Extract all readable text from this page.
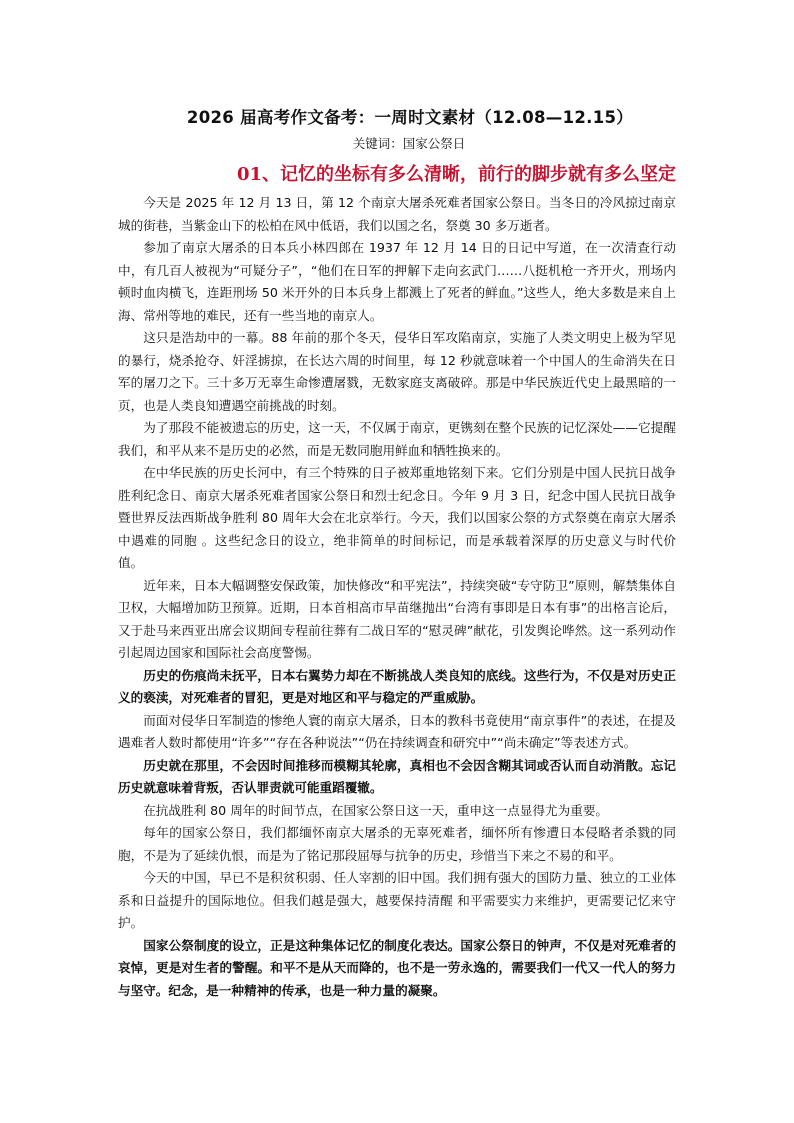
2026 届高考作文备考：一周时文素材（12.08—12.15）
关键词：国家公祭日
01、记忆的坐标有多么清晰，前行的脚步就有多么坚定

今天是 2025 年 12 月 13 日，第 12 个南京大屠杀死难者国家公祭日。当冬日的冷风掠过南京城的街巷，当紫金山下的松柏在风中低语，我们以国之名，祭奠 30 多万逝者。

参加了南京大屠杀的日本兵小林四郎在 1937 年 12 月 14 日的日记中写道，在一次清查行动中，有几百人被视为“可疑分子”，“他们在日军的押解下走向玄武门……八挺机枪一齐开火，刑场内顿时血肉横飞，连距刑场 50 米开外的日本兵身上都溅上了死者的鲜血。”这些人，绝大多数是来自上海、常州等地的难民，还有一些当地的南京人。

这只是浩劫中的一幕。88 年前的那个冬天，侵华日军攻陷南京，实施了人类文明史上极为罕见的暴行，烧杀抢夺、奸淫掳掠，在长达六周的时间里，每 12 秒就意味着一个中国人的生命消失在日军的屠刀之下。三十多万无辜生命惨遭屠戮，无数家庭支离破碎。那是中华民族近代史上最黑暗的一页，也是人类良知遭遇空前挑战的时刻。

为了那段不能被遗忘的历史，这一天，不仅属于南京，更镌刻在整个民族的记忆深处——它提醒我们，和平从来不是历史的必然，而是无数同胞用鲜血和牺牲换来的。

在中华民族的历史长河中，有三个特殊的日子被郑重地铭刻下来。它们分别是中国人民抗日战争胜利纪念日、南京大屠杀死难者国家公祭日和烈士纪念日。今年 9 月 3 日，纪念中国人民抗日战争暨世界反法西斯战争胜利 80 周年大会在北京举行。今天，我们以国家公祭的方式祭奠在南京大屠杀中遇难的同胞 。这些纪念日的设立，绝非简单的时间标记，而是承载着深厚的历史意义与时代价值。

近年来，日本大幅调整安保政策，加快修改“和平宪法”，持续突破“专守防卫”原则，解禁集体自卫权，大幅增加防卫预算。近期，日本首相高市早苗继抛出“台湾有事即是日本有事”的出格言论后，又于赴马来西亚出席会议期间专程前往葬有二战日军的“慰灵碑”献花，引发舆论哗然。这一系列动作引起周边国家和国际社会高度警惕。

历史的伤痕尚未抚平，日本右翼势力却在不断挑战人类良知的底线。这些行为，不仅是对历史正义的亵渎，对死难者的冒犯，更是对地区和平与稳定的严重威胁。

而面对侵华日军制造的惨绝人寰的南京大屠杀，日本的教科书竟使用“南京事件”的表述，在提及遇难者人数时都使用“许多”“存在各种说法”“仍在持续调查和研究中”“尚未确定”等表述方式。

历史就在那里，不会因时间推移而模糊其轮廓，真相也不会因含糊其词或否认而自动消散。忘记历史就意味着背叛，否认罪责就可能重蹈覆辙。

在抗战胜利 80 周年的时间节点，在国家公祭日这一天，重申这一点显得尤为重要。

每年的国家公祭日，我们都缅怀南京大屠杀的无辜死难者，缅怀所有惨遭日本侵略者杀戮的同胞，不是为了延续仇恨，而是为了铭记那段屈辱与抗争的历史，珍惜当下来之不易的和平。

今天的中国，早已不是积贫积弱、任人宰割的旧中国。我们拥有强大的国防力量、独立的工业体系和日益提升的国际地位。但我们越是强大，越要保持清醒 和平需要实力来维护，更需要记忆来守护。

国家公祭制度的设立，正是这种集体记忆的制度化表达。国家公祭日的钟声，不仅是对死难者的哀悼，更是对生者的警醒。和平不是从天而降的，也不是一劳永逸的，需要我们一代又一代人的努力与坚守。纪念，是一种精神的传承，也是一种力量的凝聚。
